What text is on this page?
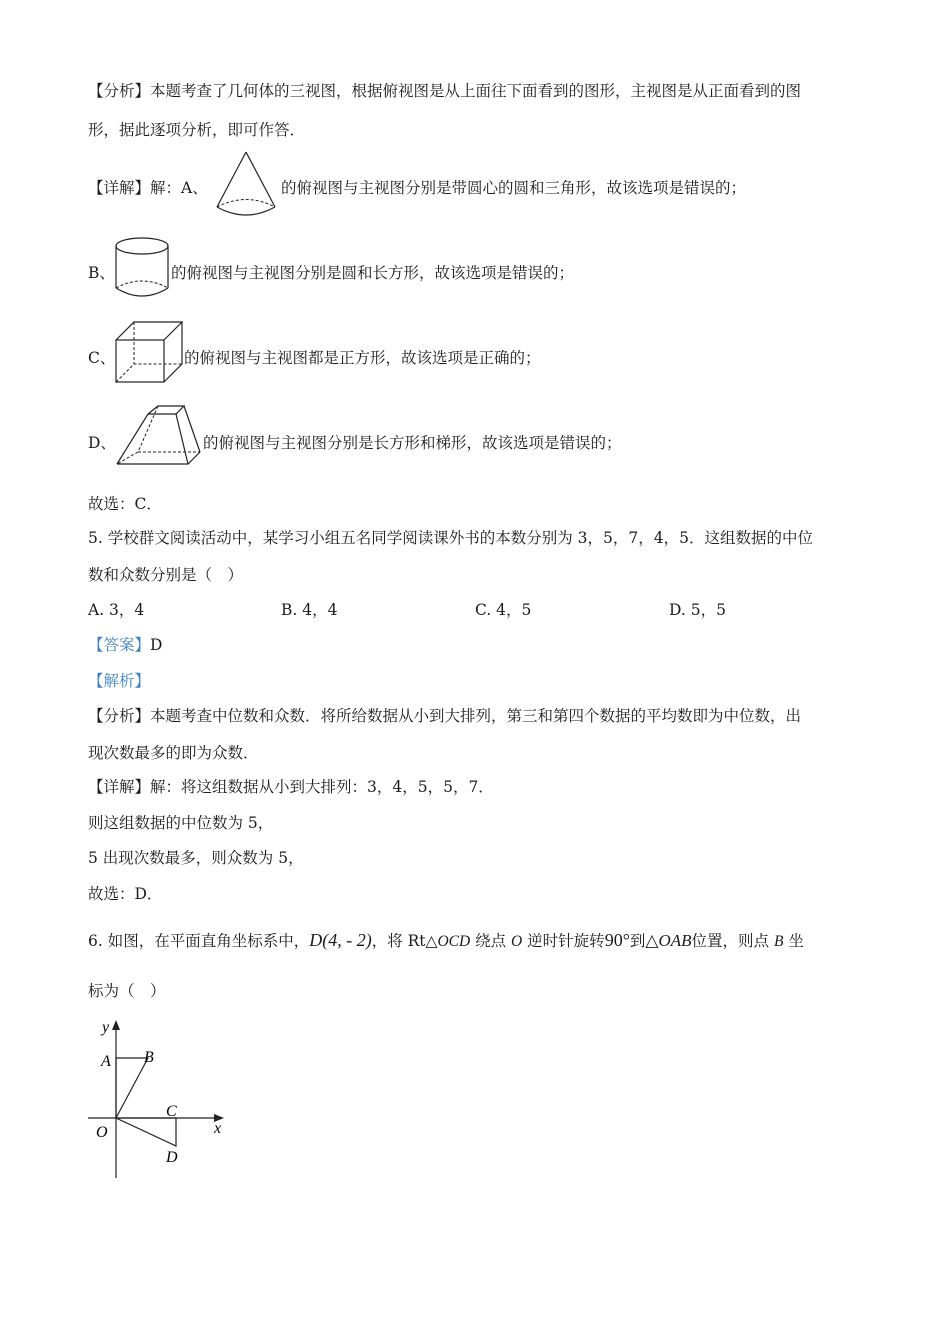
【分析】本题考查了几何体的三视图，根据俯视图是从上面往下面看到的图形，主视图是从正面看到的图
形，据此逐项分析，即可作答．
【详解】解：A、	的俯视图与主视图分别是带圆心的圆和三角形，故该选项是错误的；
B、	的俯视图与主视图分别是圆和长方形，故该选项是错误的；
C、	的俯视图与主视图都是正方形，故该选项是正确的；
D、	的俯视图与主视图分别是长方形和梯形，故该选项是错误的；
故选：C．
5. 学校群文阅读活动中，某学习小组五名同学阅读课外书的本数分别为 3，5，7，4，5．这组数据的中位
数和众数分别是（　）
A. 3，4	B. 4，4	C. 4，5	D. 5，5
【答案】D
【解析】
【分析】本题考查中位数和众数．将所给数据从小到大排列，第三和第四个数据的平均数即为中位数，出
现次数最多的即为众数．
【详解】解：将这组数据从小到大排列：3，4，5，5，7．
则这组数据的中位数为 5，
5 出现次数最多，则众数为 5，
故选：D．
6. 如图，在平面直角坐标系中，D(4, - 2)，将 Rt△OCD 绕点 O 逆时针旋转90°到△OAB位置，则点 B 坐
标为（　）
y
A B
C
x
O
D
